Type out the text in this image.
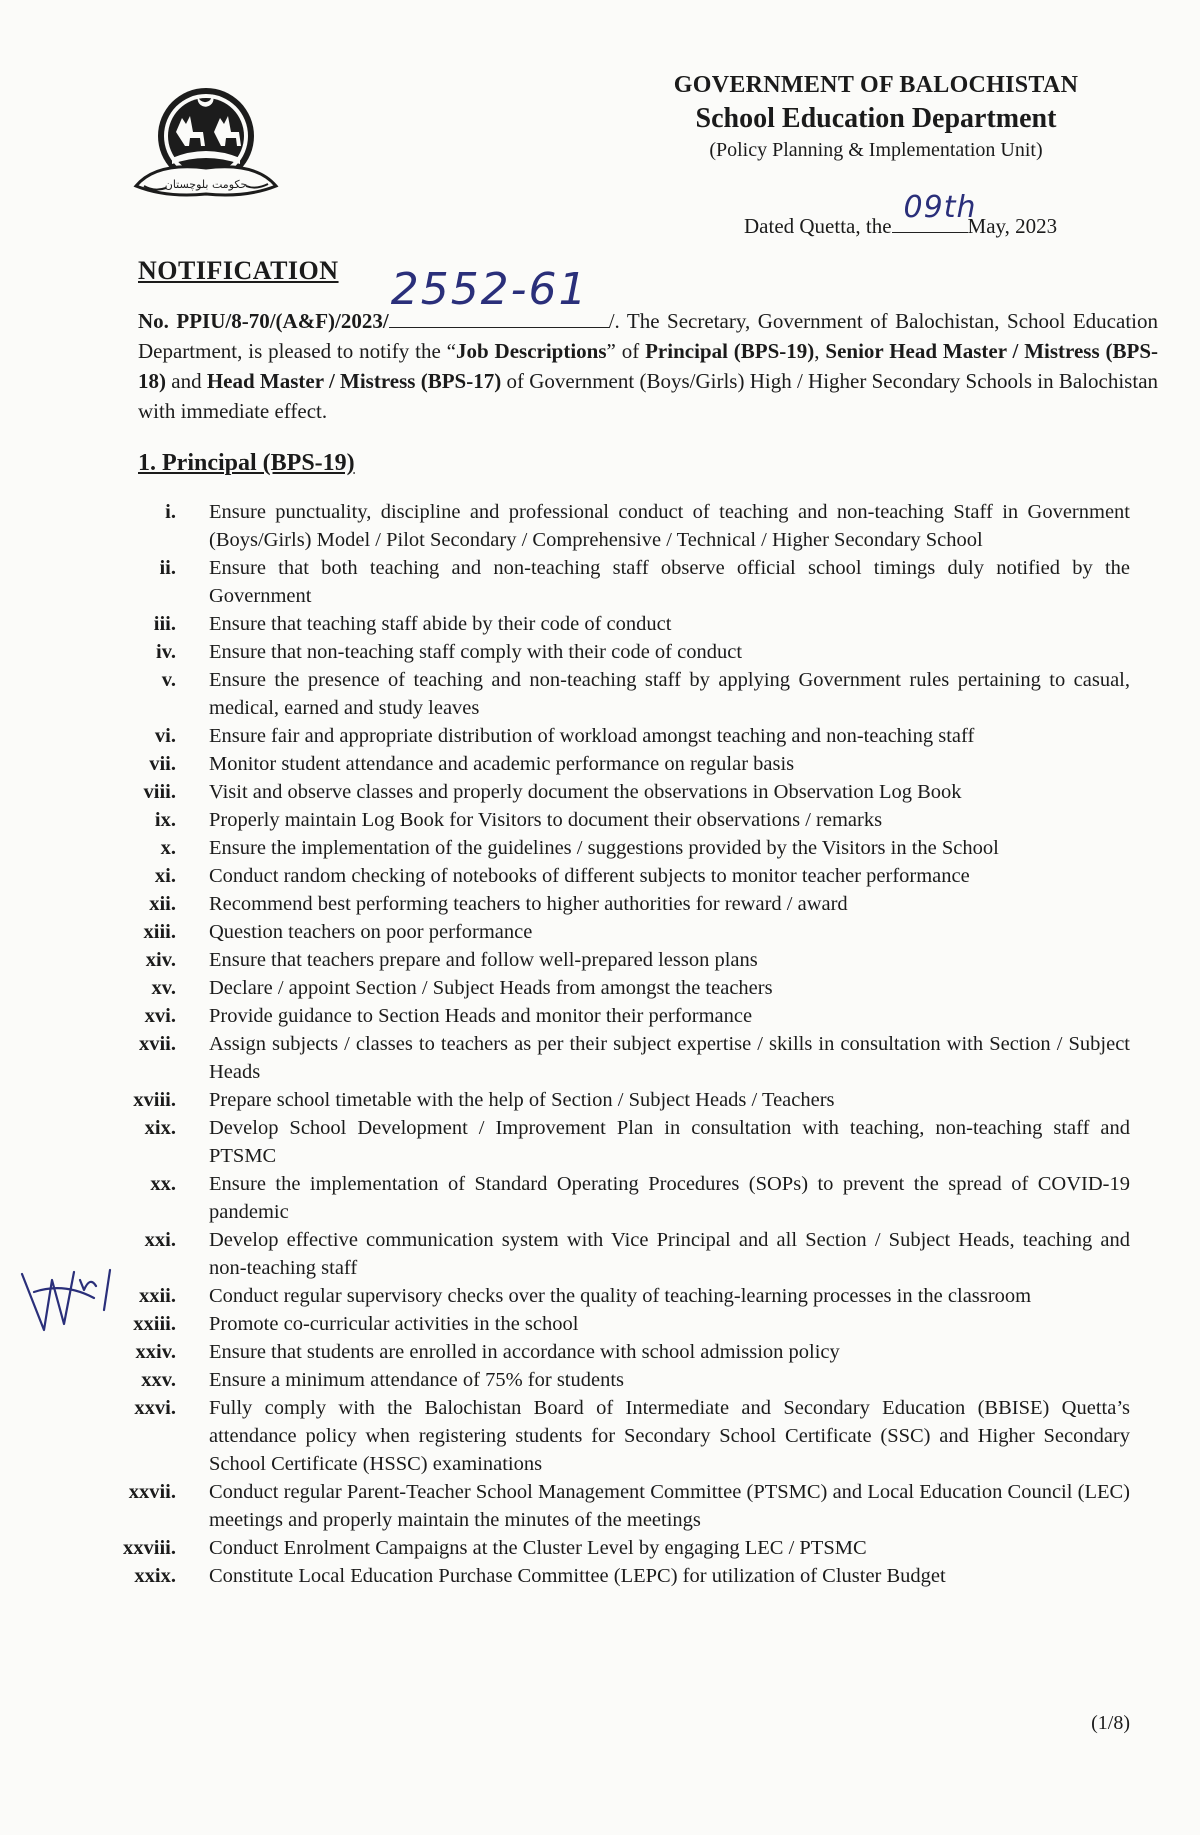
حکومت بلوچستان
GOVERNMENT OF BALOCHISTAN
School Education Department
(Policy Planning & Implementation Unit)
Dated Quetta, the
09th
May, 2023
NOTIFICATION
No. PPIU/8-70/(A&F)/2023/
2552-61
/. The Secretary, Government of Balochistan, School Education Department, is pleased to notify the “Job Descriptions” of Principal (BPS-19), Senior Head Master / Mistress (BPS-18) and Head Master / Mistress (BPS-17) of Government (Boys/Girls) High / Higher Secondary Schools in Balochistan with immediate effect.
1. Principal (BPS-19)
i.	Ensure punctuality, discipline and professional conduct of teaching and non-teaching Staff in Government (Boys/Girls) Model / Pilot Secondary / Comprehensive / Technical / Higher Secondary School
ii.	Ensure that both teaching and non-teaching staff observe official school timings duly notified by the Government
iii.	Ensure that teaching staff abide by their code of conduct
iv.	Ensure that non-teaching staff comply with their code of conduct
v.	Ensure the presence of teaching and non-teaching staff by applying Government rules pertaining to casual, medical, earned and study leaves
vi.	Ensure fair and appropriate distribution of workload amongst teaching and non-teaching staff
vii.	Monitor student attendance and academic performance on regular basis
viii.	Visit and observe classes and properly document the observations in Observation Log Book
ix.	Properly maintain Log Book for Visitors to document their observations / remarks
x.	Ensure the implementation of the guidelines / suggestions provided by the Visitors in the School
xi.	Conduct random checking of notebooks of different subjects to monitor teacher performance
xii.	Recommend best performing teachers to higher authorities for reward / award
xiii.	Question teachers on poor performance
xiv.	Ensure that teachers prepare and follow well-prepared lesson plans
xv.	Declare / appoint Section / Subject Heads from amongst the teachers
xvi.	Provide guidance to Section Heads and monitor their performance
xvii.	Assign subjects / classes to teachers as per their subject expertise / skills in consultation with Section / Subject Heads
xviii.	Prepare school timetable with the help of Section / Subject Heads / Teachers
xix.	Develop School Development / Improvement Plan in consultation with teaching, non-teaching staff and PTSMC
xx.	Ensure the implementation of Standard Operating Procedures (SOPs) to prevent the spread of COVID-19 pandemic
xxi.	Develop effective communication system with Vice Principal and all Section / Subject Heads, teaching and non-teaching staff
xxii.	Conduct regular supervisory checks over the quality of teaching-learning processes in the classroom
xxiii.	Promote co-curricular activities in the school
xxiv.	Ensure that students are enrolled in accordance with school admission policy
xxv.	Ensure a minimum attendance of 75% for students
xxvi.	Fully comply with the Balochistan Board of Intermediate and Secondary Education (BBISE) Quetta’s attendance policy when registering students for Secondary School Certificate (SSC) and Higher Secondary School Certificate (HSSC) examinations
xxvii.	Conduct regular Parent-Teacher School Management Committee (PTSMC) and Local Education Council (LEC) meetings and properly maintain the minutes of the meetings
xxviii.	Conduct Enrolment Campaigns at the Cluster Level by engaging LEC / PTSMC
xxix.	Constitute Local Education Purchase Committee (LEPC) for utilization of Cluster Budget
(1/8)
